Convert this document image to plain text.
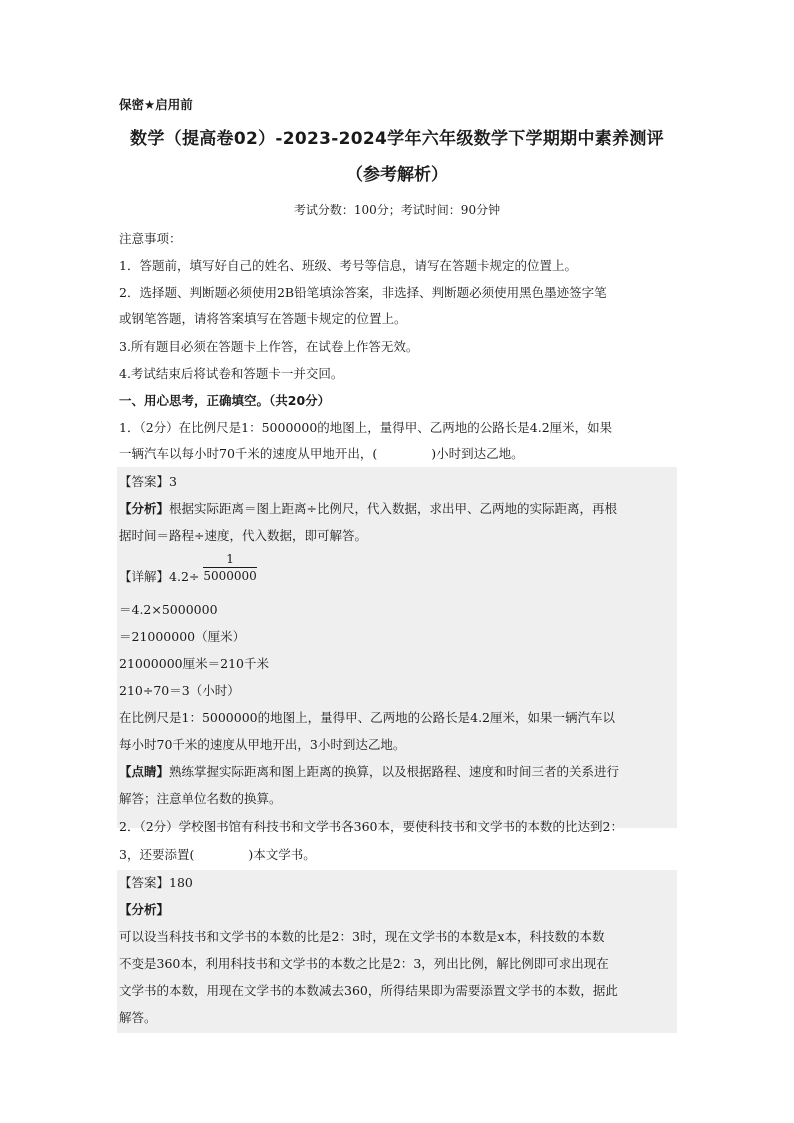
保密★启用前
数学（提高卷02）-2023-2024学年六年级数学下学期期中素养测评
（参考解析）
考试分数：100分；考试时间：90分钟
注意事项：
1．答题前，填写好自己的姓名、班级、考号等信息，请写在答题卡规定的位置上。
2．选择题、判断题必须使用2B铅笔填涂答案，非选择、判断题必须使用黑色墨迹签字笔
或钢笔答题，请将答案填写在答题卡规定的位置上。
3.所有题目必须在答题卡上作答，在试卷上作答无效。
4.考试结束后将试卷和答题卡一并交回。
一、用心思考，正确填空。（共20分）
1．（2分）在比例尺是1：5000000的地图上，量得甲、乙两地的公路长是4.2厘米，如果
一辆汽车以每小时70千米的速度从甲地开出，(	)小时到达乙地。
【答案】3
【分析】根据实际距离＝图上距离÷比例尺，代入数据，求出甲、乙两地的实际距离，再根
据时间＝路程÷速度，代入数据，即可解答。
【详解】$4.2\div \frac{1}{5000000}$
＝4.2×5000000
＝21000000（厘米）
21000000厘米＝210千米
210÷70＝3（小时）
在比例尺是1：5000000的地图上，量得甲、乙两地的公路长是4.2厘米，如果一辆汽车以
每小时70千米的速度从甲地开出，3小时到达乙地。
【点睛】熟练掌握实际距离和图上距离的换算，以及根据路程、速度和时间三者的关系进行
解答；注意单位名数的换算。
2．（2分）学校图书馆有科技书和文学书各360本，要使科技书和文学书的本数的比达到2：
3，还要添置(	)本文学书。
【答案】180
【分析】
可以设当科技书和文学书的本数的比是2：3时，现在文学书的本数是x本，科技数的本数
不变是360本，利用科技书和文学书的本数之比是2：3，列出比例，解比例即可求出现在
文学书的本数，用现在文学书的本数减去360，所得结果即为需要添置文学书的本数，据此
解答。
